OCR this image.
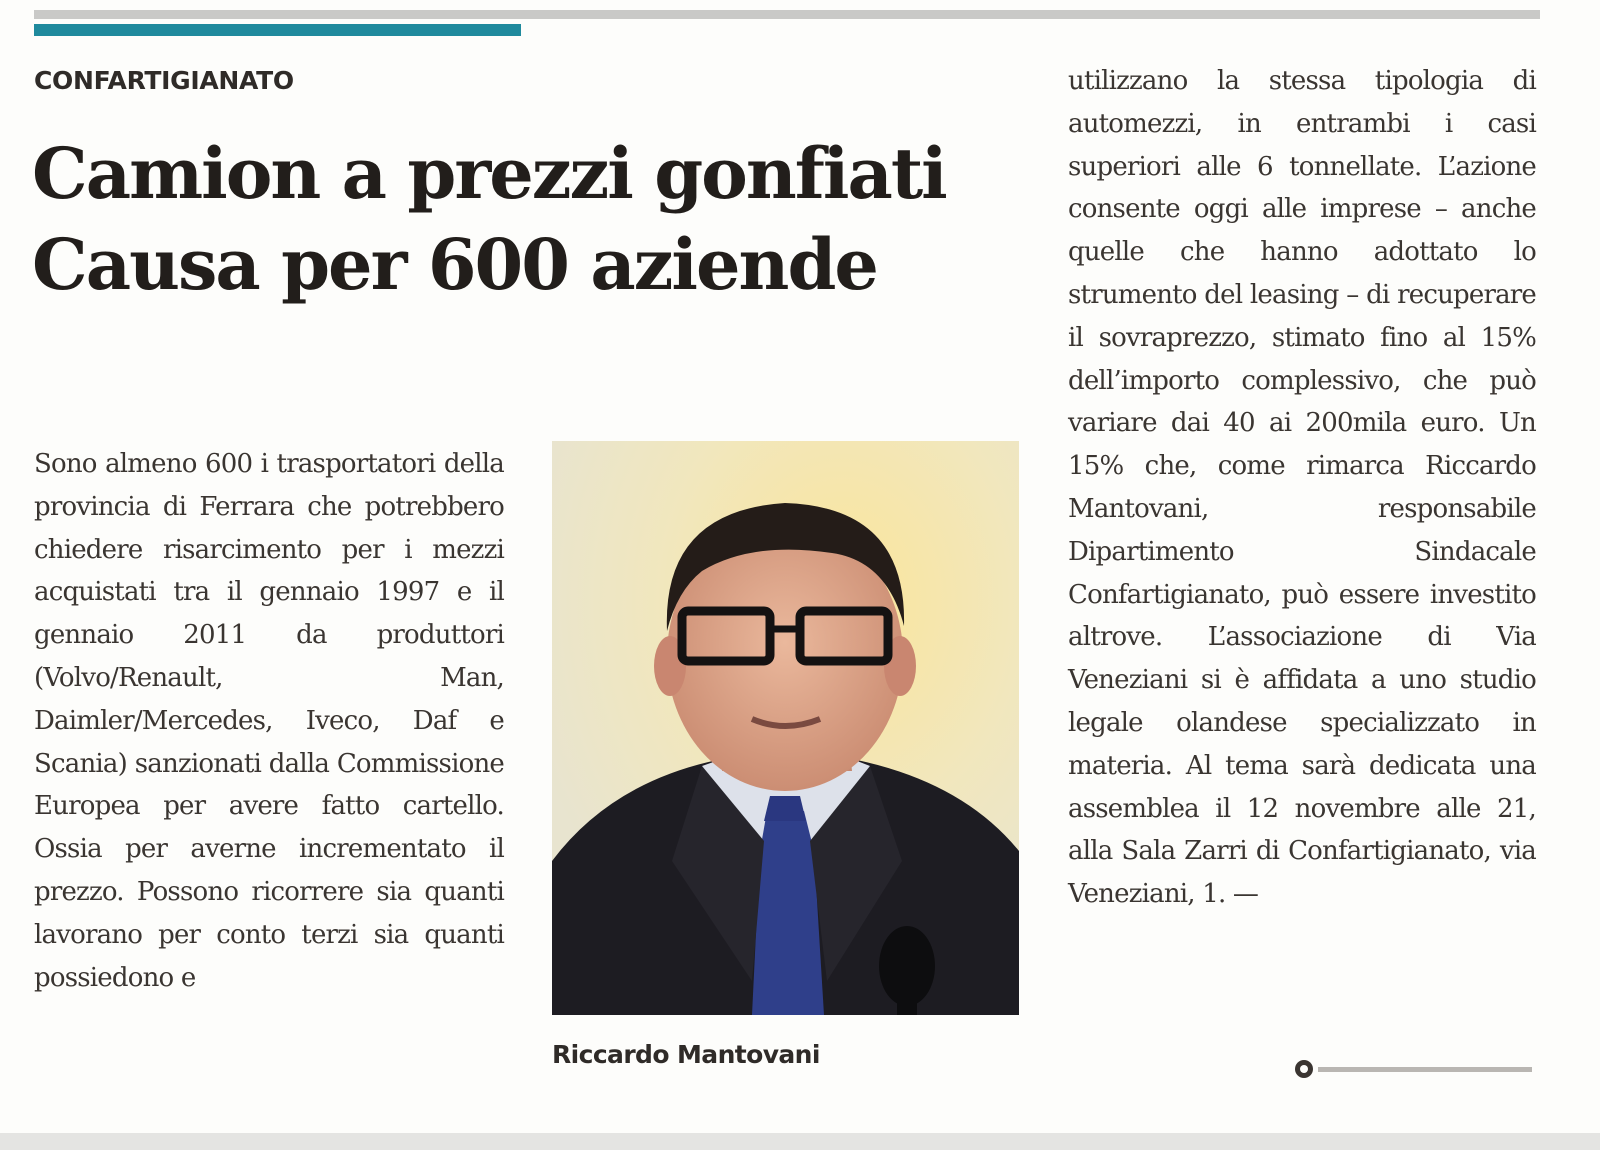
CONFARTIGIANATO
Camion a prezzi gonfiati
Causa per 600 aziende
Sono almeno 600 i trasportatori della provincia di Ferrara che potrebbero chiedere risarcimento per i mezzi acquistati tra il gennaio 1997 e il gennaio 2011 da produttori (Volvo/Renault, Man, Daimler/Mercedes, Iveco, Daf e Scania) sanzionati dalla Commissione Europea per avere fatto cartello. Ossia per averne incrementato il prezzo. Possono ricorrere sia quanti lavorano per conto terzi sia quanti possiedono e
Riccardo Mantovani
utilizzano la stessa tipologia di automezzi, in entrambi i casi superiori alle 6 tonnellate. L’azione consente oggi alle imprese – anche quelle che hanno adottato lo strumento del leasing – di recuperare il sovraprezzo, stimato fino al 15% dell’importo complessivo, che può variare dai 40 ai 200mila euro. Un 15% che, come rimarca Riccardo Mantovani, responsabile Dipartimento Sindacale Confartigianato, può essere investito altrove. L’associazione di Via Veneziani si è affidata a uno studio legale olandese specializzato in materia. Al tema sarà dedicata una assemblea il 12 novembre alle 21, alla Sala Zarri di Confartigianato, via Veneziani, 1. —
